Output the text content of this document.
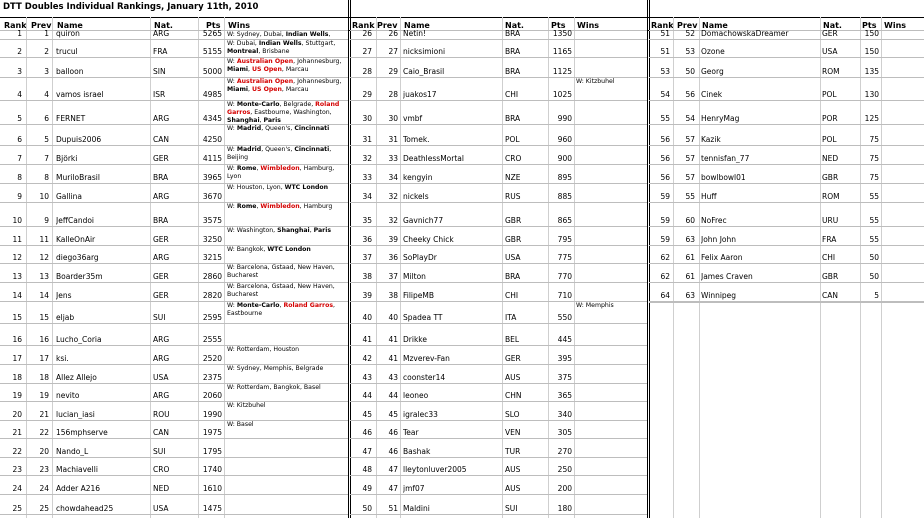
DTT Doubles Individual Rankings, January 11th, 2010
Rank Prev Name	Nat.	Pts Wins	Rank Prev Name	Nat.	Pts Wins	Rank Prev Name	Nat.	Pts Wins
1	1 quiron	ARG	5265 W: Sydney, Dubai, Indian Wells,
2	2 trucul	FRA	5155
W: Dubai, Indian Wells, Stuttgart, Montreal, Brisbane
3	3 balloon	SIN	5000
W: Australian Open, Johannesburg, Miami, US Open, Marcau
4	4 vamos israel	ISR	4985
W: Australian Open, Johannesburg, Miami, US Open, Marcau
5	6 FERNET	ARG	4345
W: Monte-Carlo, Belgrade, Roland Garros, Eastbourne, Washington, Shanghai, Paris
6	5 Dupuis2006	CAN	4250
W: Madrid, Queen's, Cincinnati
7	7 Björki	GER	4115
W: Madrid, Queen's, Cincinnati, Beijing
8	8 MuriloBrasil	BRA	3965
W: Rome, Wimbledon, Hamburg, Lyon
9	10 Gallina	ARG	3670
W: Houston, Lyon, WTC London
10	9 JeffCandoi	BRA	3575
W: Rome, Wimbledon, Hamburg
11	11 KalleOnAir	GER	3250
W: Washington, Shanghai, Paris
12	12 diego36arg	ARG	3215
W: Bangkok, WTC London
13	13 Boarder35m	GER	2860
W: Barcelona, Gstaad, New Haven, Bucharest
14	14 Jens	GER	2820
W: Barcelona, Gstaad, New Haven, Bucharest
15	15 eljab	SUI	2595
W: Monte-Carlo, Roland Garros, Eastbourne
16	16 Lucho_Coria	ARG	2555
17	17 ksi.	ARG	2520
W: Rotterdam, Houston
18	18 Allez Allejo	USA	2375
W: Sydney, Memphis, Belgrade
19	19 nevito	ARG	2060
W: Rotterdam, Bangkok, Basel
20	21 lucian_iasi	ROU	1990
W: Kitzbuhel
21	22 156mphserve	CAN	1975
W: Basel
22	20 Nando_L	SUI	1795
23	23 Machiavelli	CRO	1740
24	24 Adder A216	NED	1610
25	25 chowdahead25	USA	1475
26	26 Netin!	BRA	1350
27	27 nicksimioni	BRA	1165
28	29 Caio_Brasil	BRA	1125
29	28 juakos17	CHI	1025
W: Kitzbuhel
30	30 vmbf	BRA	990
31	31 Tomek.	POL	960
32	33 DeathlessMortal	CRO	900
33	34 kengyin	NZE	895
34	32 nickels	RUS	885
35	32 Gavnich77	GBR	865
36	39 Cheeky Chick	GBR	795
37	36 SoPlayDr	USA	775
38	37 Milton	BRA	770
39	38 FilipeMB	CHI	710
40	40 Spadea TT	ITA	550
W: Memphis
41	41 Drikke	BEL	445
42	41 Mzverev-Fan	GER	395
43	43 coonster14	AUS	375
44	44 leoneo	CHN	365
45	45 igralec33	SLO	340
46	46 Tear	VEN	305
47	46 Bashak	TUR	270
48	47 lleytonluver2005	AUS	250
49	47 jmf07	AUS	200
50	51 Maldini	SUI	180
51	52 DomachowskaDreamer	GER	150
51	53 Ozone	USA	150
53	50 Georg	ROM	135
54	56 Cinek	POL	130
55	54 HenryMag	POR	125
56	57 Kazik	POL	75
56	57 tennisfan_77	NED	75
56	57 bowlbowl01	GBR	75
59	55 Huff	ROM	55
59	60 NoFrec	URU	55
59	63 John John	FRA	55
62	61 Felix Aaron	CHI	50
62	61 James Craven	GBR	50
64	63 Winnipeg	CAN	5
